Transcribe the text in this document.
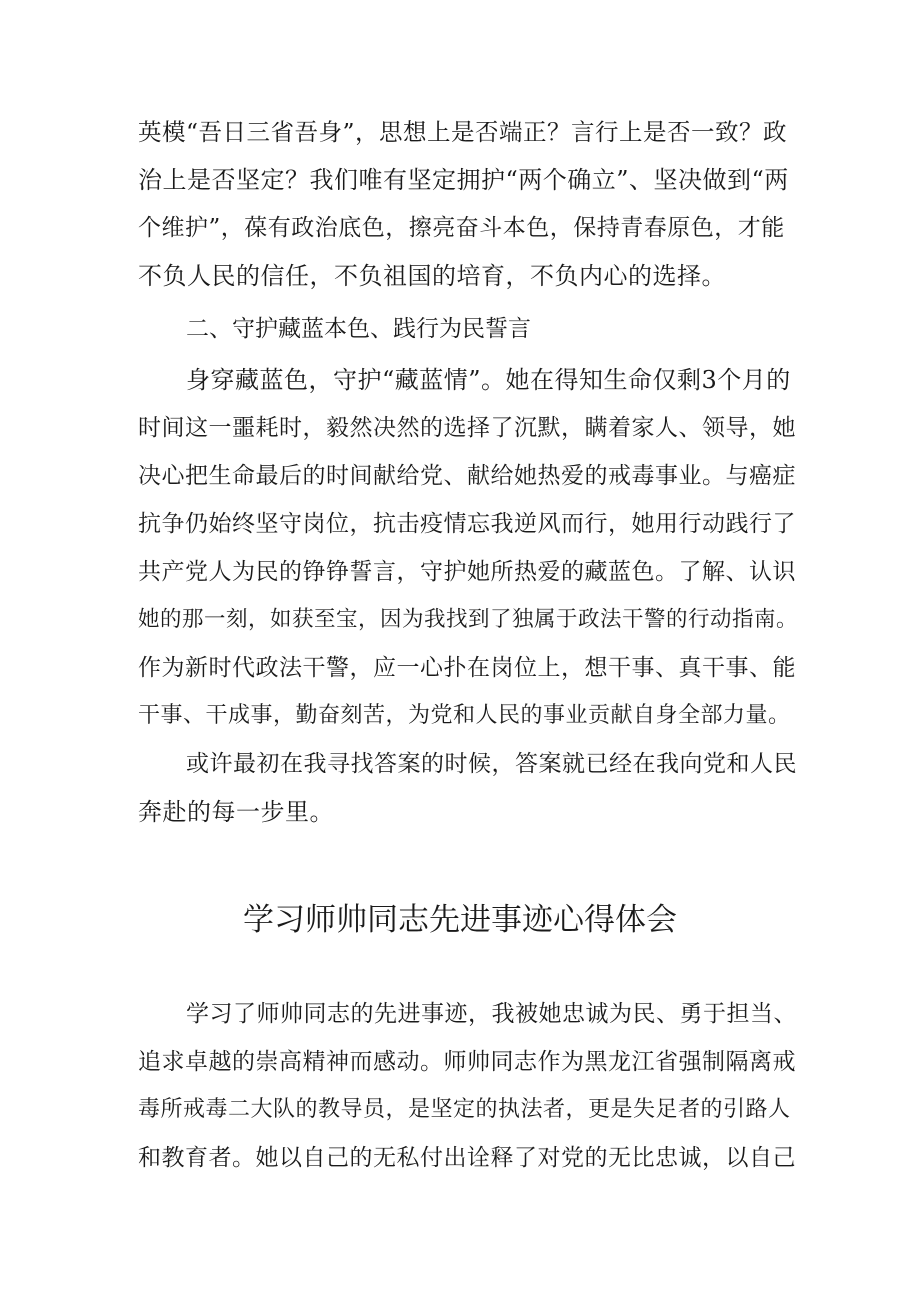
英模“吾日三省吾身”，思想上是否端正？言行上是否一致？政
治上是否坚定？我们唯有坚定拥护“两个确立”、坚决做到“两
个维护”，葆有政治底色，擦亮奋斗本色，保持青春原色，才能
不负人民的信任，不负祖国的培育，不负内心的选择。
二、守护藏蓝本色、践行为民誓言
身穿藏蓝色，守护“藏蓝情”。她在得知生命仅剩3个月的
时间这一噩耗时，毅然决然的选择了沉默，瞒着家人、领导，她
决心把生命最后的时间献给党、献给她热爱的戒毒事业。与癌症
抗争仍始终坚守岗位，抗击疫情忘我逆风而行，她用行动践行了
共产党人为民的铮铮誓言，守护她所热爱的藏蓝色。了解、认识
她的那一刻，如获至宝，因为我找到了独属于政法干警的行动指南。
作为新时代政法干警，应一心扑在岗位上，想干事、真干事、能
干事、干成事，勤奋刻苦，为党和人民的事业贡献自身全部力量。
或许最初在我寻找答案的时候，答案就已经在我向党和人民
奔赴的每一步里。
学习师帅同志先进事迹心得体会
学习了师帅同志的先进事迹，我被她忠诚为民、勇于担当、
追求卓越的崇高精神而感动。师帅同志作为黑龙江省强制隔离戒
毒所戒毒二大队的教导员，是坚定的执法者，更是失足者的引路人
和教育者。她以自己的无私付出诠释了对党的无比忠诚，以自己
